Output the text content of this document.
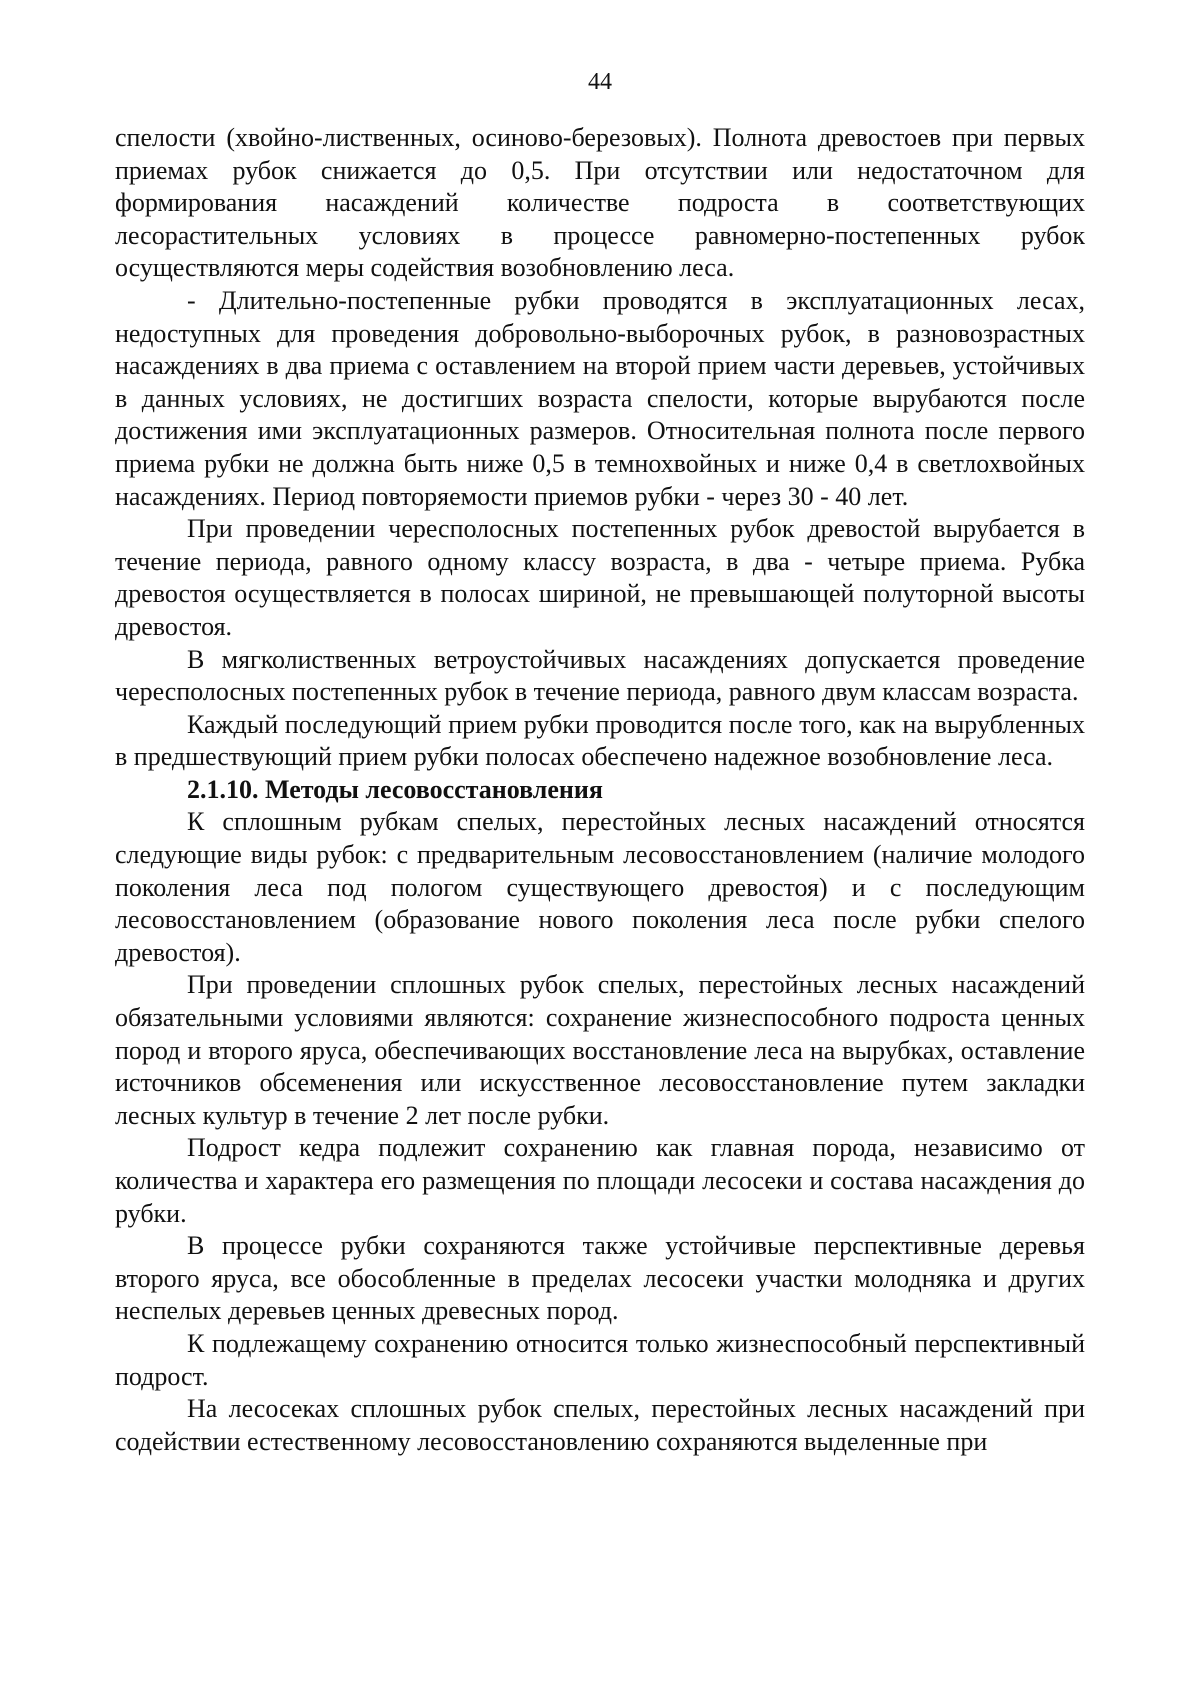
44

спелости (хвойно-лиственных, осиново-березовых). Полнота древостоев при первых приемах рубок снижается до 0,5. При отсутствии или недостаточном для формирования насаждений количестве подроста в соответствующих лесорастительных условиях в процессе равномерно-постепенных рубок осуществляются меры содействия возобновлению леса.

- Длительно-постепенные рубки проводятся в эксплуатационных лесах, недоступных для проведения добровольно-выборочных рубок, в разновозрастных насаждениях в два приема с оставлением на второй прием части деревьев, устойчивых в данных условиях, не достигших возраста спелости, которые вырубаются после достижения ими эксплуатационных размеров. Относительная полнота после первого приема рубки не должна быть ниже 0,5 в темнохвойных и ниже 0,4 в светлохвойных насаждениях. Период повторяемости приемов рубки - через 30 - 40 лет.

При проведении чересполосных постепенных рубок древостой вырубается в течение периода, равного одному классу возраста, в два - четыре приема. Рубка древостоя осуществляется в полосах шириной, не превышающей полуторной высоты древостоя.

В мягколиственных ветроустойчивых насаждениях допускается проведение чересполосных постепенных рубок в течение периода, равного двум классам возраста.

Каждый последующий прием рубки проводится после того, как на вырубленных в предшествующий прием рубки полосах обеспечено надежное возобновление леса.

2.1.10. Методы лесовосстановления

К сплошным рубкам спелых, перестойных лесных насаждений относятся следующие виды рубок: с предварительным лесовосстановлением (наличие молодого поколения леса под пологом существующего древостоя) и с последующим лесовосстановлением (образование нового поколения леса после рубки спелого древостоя).

При проведении сплошных рубок спелых, перестойных лесных насаждений обязательными условиями являются: сохранение жизнеспособного подроста ценных пород и второго яруса, обеспечивающих восстановление леса на вырубках, оставление источников обсеменения или искусственное лесовосстановление путем закладки лесных культур в течение 2 лет после рубки.

Подрост кедра подлежит сохранению как главная порода, независимо от количества и характера его размещения по площади лесосеки и состава насаждения до рубки.

В процессе рубки сохраняются также устойчивые перспективные деревья второго яруса, все обособленные в пределах лесосеки участки молодняка и других неспелых деревьев ценных древесных пород.

К подлежащему сохранению относится только жизнеспособный перспективный подрост.

На лесосеках сплошных рубок спелых, перестойных лесных насаждений при содействии естественному лесовосстановлению сохраняются выделенные при
